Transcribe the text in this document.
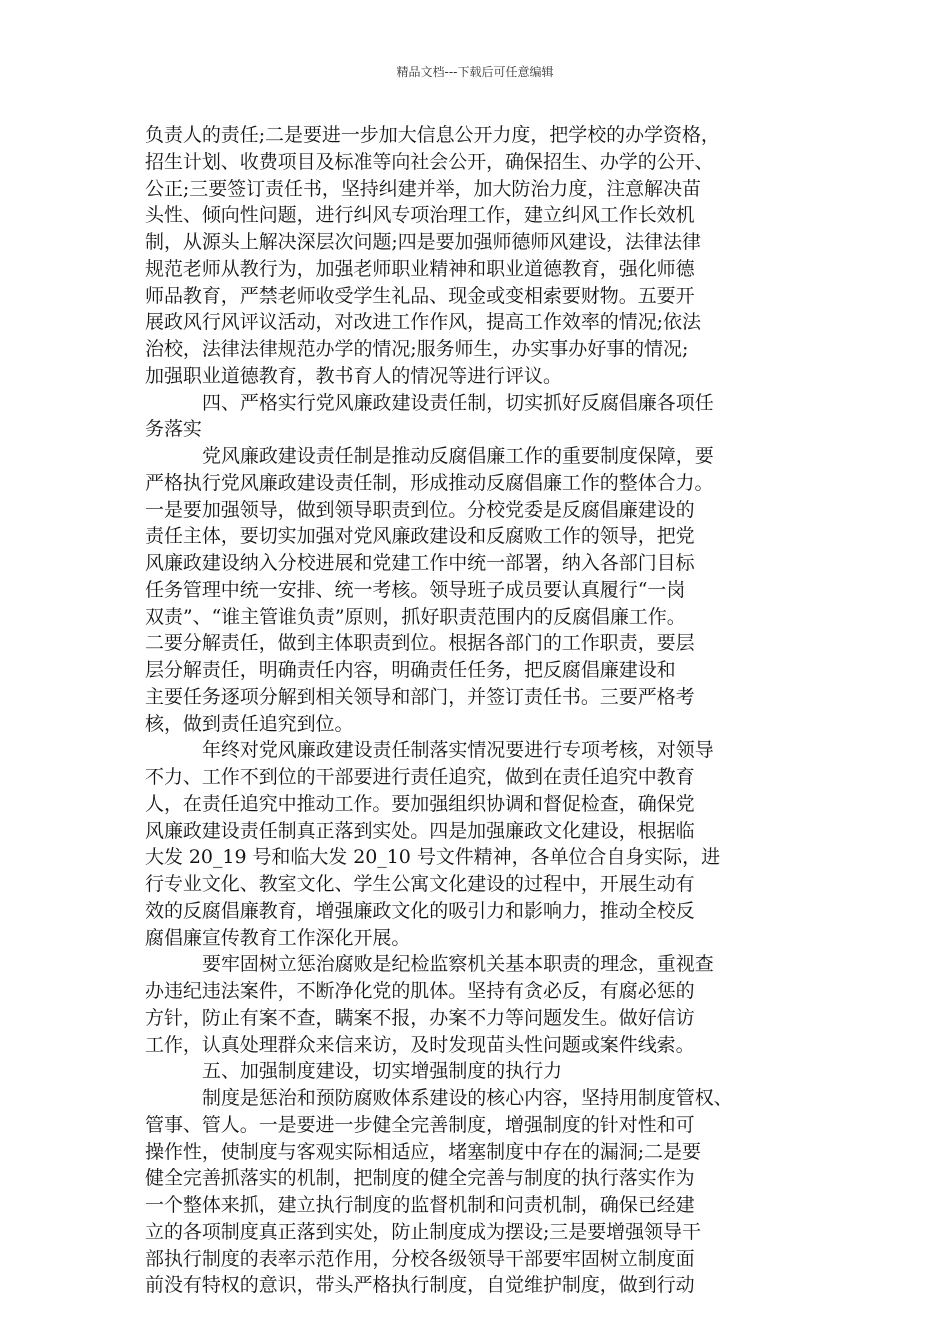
精品文档---下载后可任意编辑
负责人的责任;二是要进一步加大信息公开力度，把学校的办学资格，
招生计划、收费项目及标准等向社会公开，确保招生、办学的公开、
公正;三要签订责任书，坚持纠建并举，加大防治力度，注意解决苗
头性、倾向性问题，进行纠风专项治理工作，建立纠风工作长效机
制，从源头上解决深层次问题;四是要加强师德师风建设，法律法律
规范老师从教行为，加强老师职业精神和职业道德教育，强化师德
师品教育，严禁老师收受学生礼品、现金或变相索要财物。五要开
展政风行风评议活动，对改进工作作风，提高工作效率的情况;依法
治校，法律法律规范办学的情况;服务师生，办实事办好事的情况;
加强职业道德教育，教书育人的情况等进行评议。
四、严格实行党风廉政建设责任制，切实抓好反腐倡廉各项任
务落实
党风廉政建设责任制是推动反腐倡廉工作的重要制度保障，要
严格执行党风廉政建设责任制，形成推动反腐倡廉工作的整体合力。
一是要加强领导，做到领导职责到位。分校党委是反腐倡廉建设的
责任主体，要切实加强对党风廉政建设和反腐败工作的领导，把党
风廉政建设纳入分校进展和党建工作中统一部署，纳入各部门目标
任务管理中统一安排、统一考核。领导班子成员要认真履行“一岗
双责”、“谁主管谁负责”原则，抓好职责范围内的反腐倡廉工作。
二要分解责任，做到主体职责到位。根据各部门的工作职责，要层
层分解责任，明确责任内容，明确责任任务，把反腐倡廉建设和
主要任务逐项分解到相关领导和部门，并签订责任书。三要严格考
核，做到责任追究到位。
年终对党风廉政建设责任制落实情况要进行专项考核，对领导
不力、工作不到位的干部要进行责任追究，做到在责任追究中教育
人，在责任追究中推动工作。要加强组织协调和督促检查，确保党
风廉政建设责任制真正落到实处。四是加强廉政文化建设，根据临
大发 20_19 号和临大发 20_10 号文件精神，各单位合自身实际，进
行专业文化、教室文化、学生公寓文化建设的过程中，开展生动有
效的反腐倡廉教育，增强廉政文化的吸引力和影响力，推动全校反
腐倡廉宣传教育工作深化开展。
要牢固树立惩治腐败是纪检监察机关基本职责的理念，重视查
办违纪违法案件，不断净化党的肌体。坚持有贪必反，有腐必惩的
方针，防止有案不查，瞒案不报，办案不力等问题发生。做好信访
工作，认真处理群众来信来访，及时发现苗头性问题或案件线索。
五、加强制度建设，切实增强制度的执行力
制度是惩治和预防腐败体系建设的核心内容，坚持用制度管权、
管事、管人。一是要进一步健全完善制度，增强制度的针对性和可
操作性，使制度与客观实际相适应，堵塞制度中存在的漏洞;二是要
健全完善抓落实的机制，把制度的健全完善与制度的执行落实作为
一个整体来抓，建立执行制度的监督机制和问责机制，确保已经建
立的各项制度真正落到实处，防止制度成为摆设;三是要增强领导干
部执行制度的表率示范作用，分校各级领导干部要牢固树立制度面
前没有特权的意识，带头严格执行制度，自觉维护制度，做到行动
